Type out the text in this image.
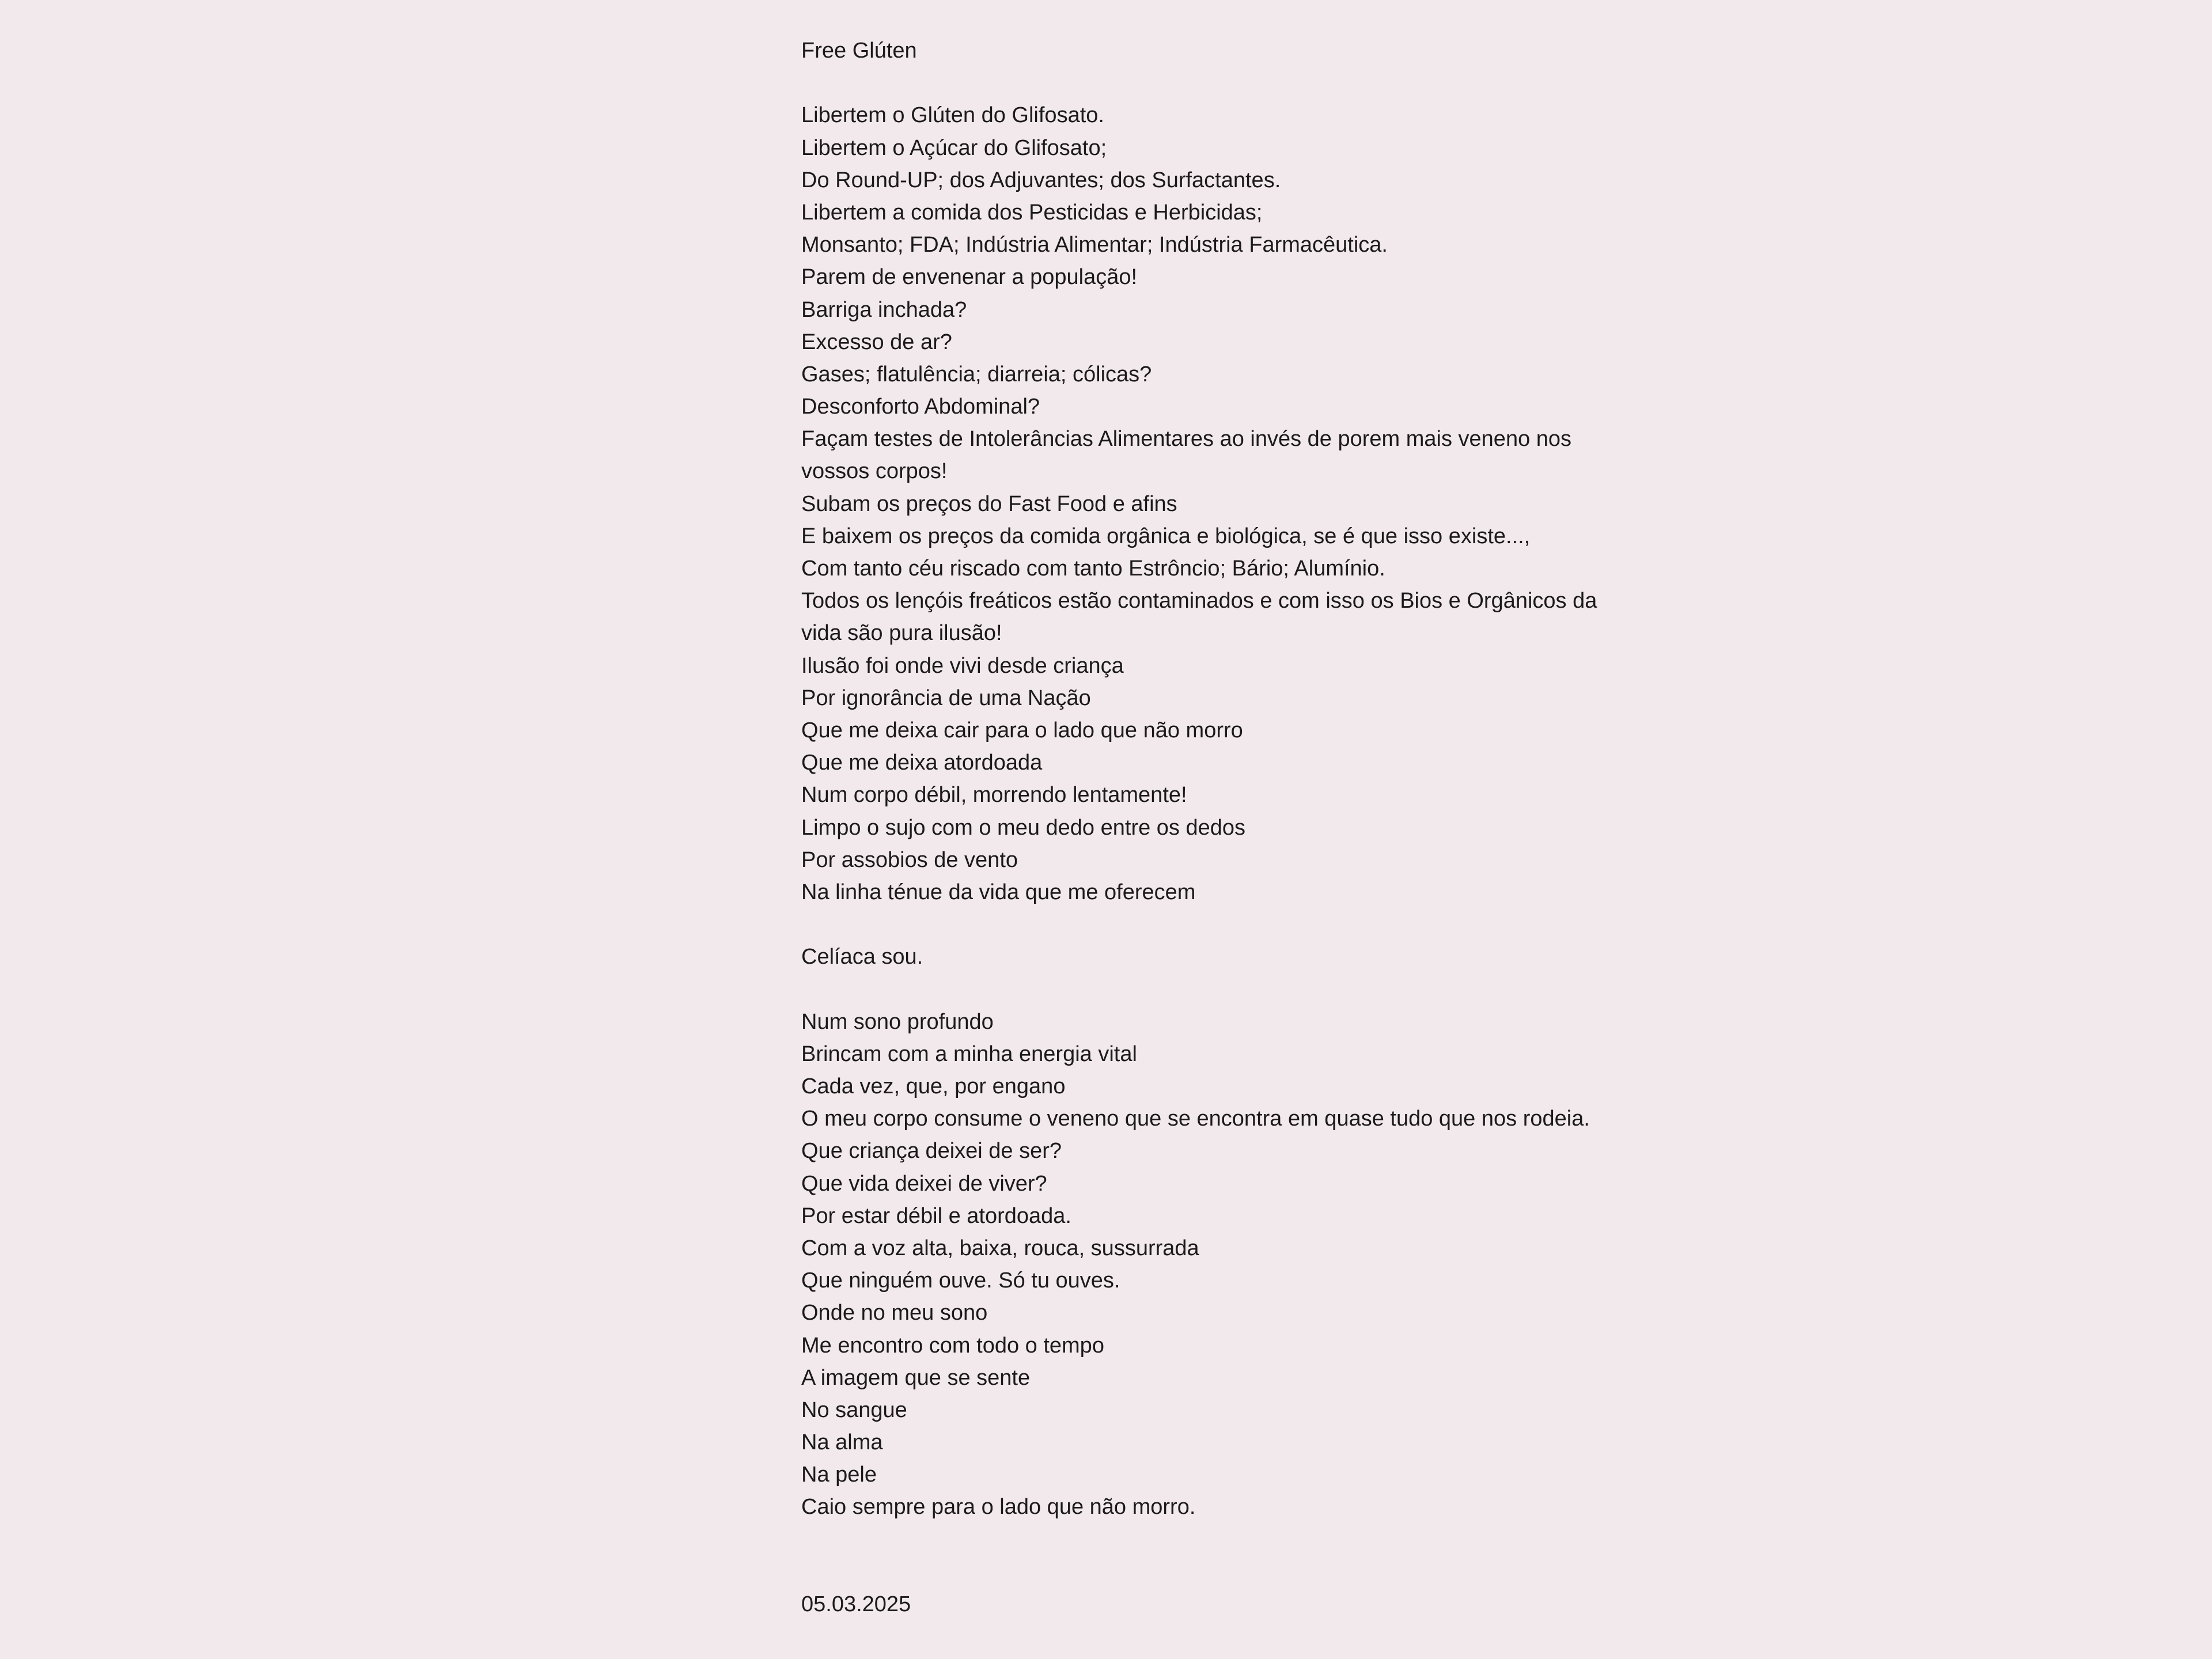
Free Glúten
Libertem o Glúten do Glifosato.
Libertem o Açúcar do Glifosato;
Do Round-UP; dos Adjuvantes; dos Surfactantes.
Libertem a comida dos Pesticidas e Herbicidas;
Monsanto; FDA; Indústria Alimentar; Indústria Farmacêutica.
Parem de envenenar a população!
Barriga inchada?
Excesso de ar?
Gases; flatulência; diarreia; cólicas?
Desconforto Abdominal?
Façam testes de Intolerâncias Alimentares ao invés de porem mais veneno nos
vossos corpos!
Subam os preços do Fast Food e afins
E baixem os preços da comida orgânica e biológica, se é que isso existe...,
Com tanto céu riscado com tanto Estrôncio; Bário; Alumínio.
Todos os lençóis freáticos estão contaminados e com isso os Bios e Orgânicos da
vida são pura ilusão!
Ilusão foi onde vivi desde criança
Por ignorância de uma Nação
Que me deixa cair para o lado que não morro
Que me deixa atordoada
Num corpo débil, morrendo lentamente!
Limpo o sujo com o meu dedo entre os dedos
Por assobios de vento
Na linha ténue da vida que me oferecem
Celíaca sou.
Num sono profundo
Brincam com a minha energia vital
Cada vez, que, por engano
O meu corpo consume o veneno que se encontra em quase tudo que nos rodeia.
Que criança deixei de ser?
Que vida deixei de viver?
Por estar débil e atordoada.
Com a voz alta, baixa, rouca, sussurrada
Que ninguém ouve. Só tu ouves.
Onde no meu sono
Me encontro com todo o tempo
A imagem que se sente
No sangue
Na alma
Na pele
Caio sempre para o lado que não morro.
05.03.2025
